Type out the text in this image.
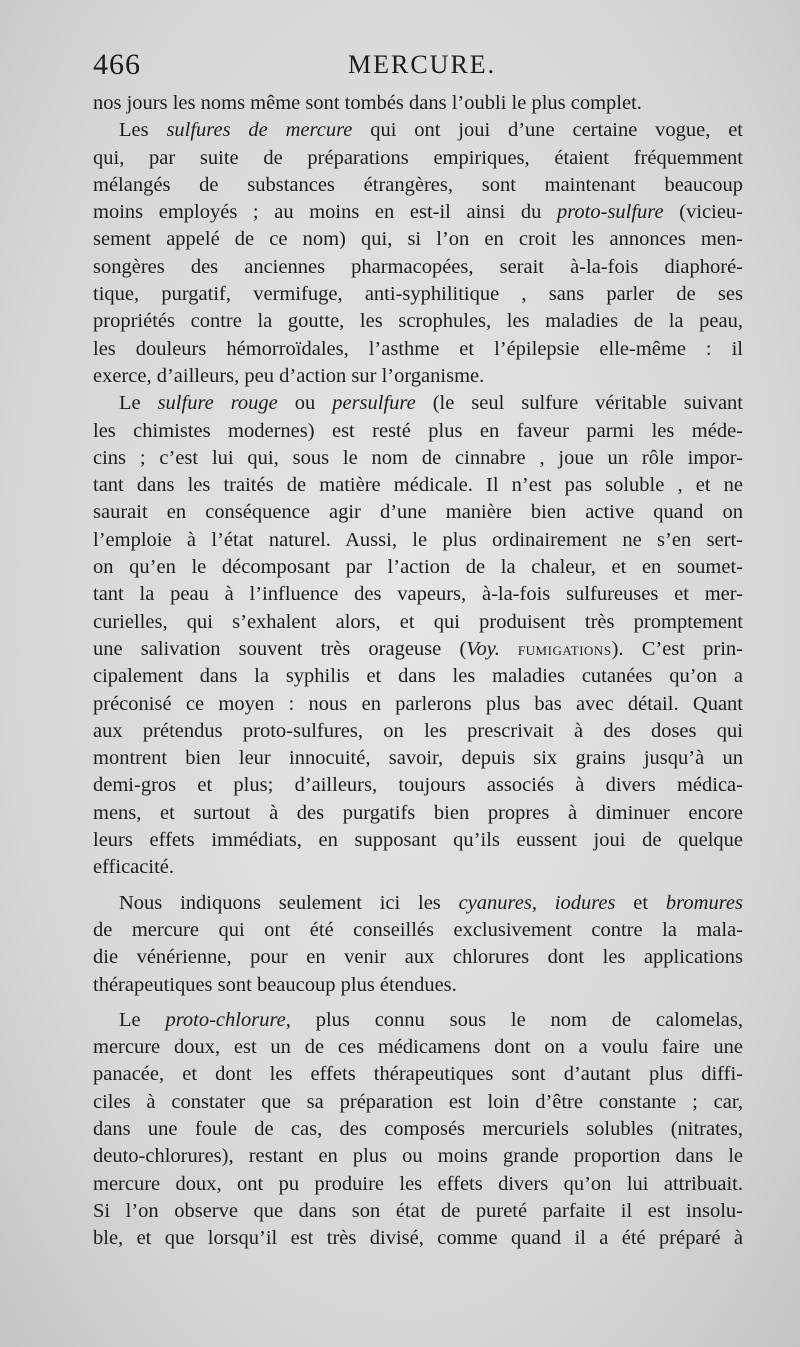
466	MERCURE.
nos jours les noms même sont tombés dans l’oubli le plus complet.
Les sulfures de mercure qui ont joui d’une certaine vogue, et
qui, par suite de préparations empiriques, étaient fréquemment
mélangés de substances étrangères, sont maintenant beaucoup
moins employés ; au moins en est-il ainsi du proto-sulfure (vicieu-
sement appelé de ce nom) qui, si l’on en croit les annonces men-
songères des anciennes pharmacopées, serait à-la-fois diaphoré-
tique, purgatif, vermifuge, anti-syphilitique , sans parler de ses
propriétés contre la goutte, les scrophules, les maladies de la peau,
les douleurs hémorroïdales, l’asthme et l’épilepsie elle-même : il
exerce, d’ailleurs, peu d’action sur l’organisme.
Le sulfure rouge ou persulfure (le seul sulfure véritable suivant
les chimistes modernes) est resté plus en faveur parmi les méde-
cins ; c’est lui qui, sous le nom de cinnabre , joue un rôle impor-
tant dans les traités de matière médicale. Il n’est pas soluble , et ne
saurait en conséquence agir d’une manière bien active quand on
l’emploie à l’état naturel. Aussi, le plus ordinairement ne s’en sert-
on qu’en le décomposant par l’action de la chaleur, et en soumet-
tant la peau à l’influence des vapeurs, à-la-fois sulfureuses et mer-
curielles, qui s’exhalent alors, et qui produisent très promptement
une salivation souvent très orageuse (Voy. fumigations). C’est prin-
cipalement dans la syphilis et dans les maladies cutanées qu’on a
préconisé ce moyen : nous en parlerons plus bas avec détail. Quant
aux prétendus proto-sulfures, on les prescrivait à des doses qui
montrent bien leur innocuité, savoir, depuis six grains jusqu’à un
demi-gros et plus; d’ailleurs, toujours associés à divers médica-
mens, et surtout à des purgatifs bien propres à diminuer encore
leurs effets immédiats, en supposant qu’ils eussent joui de quelque
efficacité.
Nous indiquons seulement ici les cyanures, iodures et bromures
de mercure qui ont été conseillés exclusivement contre la mala-
die vénérienne, pour en venir aux chlorures dont les applications
thérapeutiques sont beaucoup plus étendues.
Le proto-chlorure, plus connu sous le nom de calomelas,
mercure doux, est un de ces médicamens dont on a voulu faire une
panacée, et dont les effets thérapeutiques sont d’autant plus diffi-
ciles à constater que sa préparation est loin d’être constante ; car,
dans une foule de cas, des composés mercuriels solubles (nitrates,
deuto-chlorures), restant en plus ou moins grande proportion dans le
mercure doux, ont pu produire les effets divers qu’on lui attribuait.
Si l’on observe que dans son état de pureté parfaite il est insolu-
ble, et que lorsqu’il est très divisé, comme quand il a été préparé à
